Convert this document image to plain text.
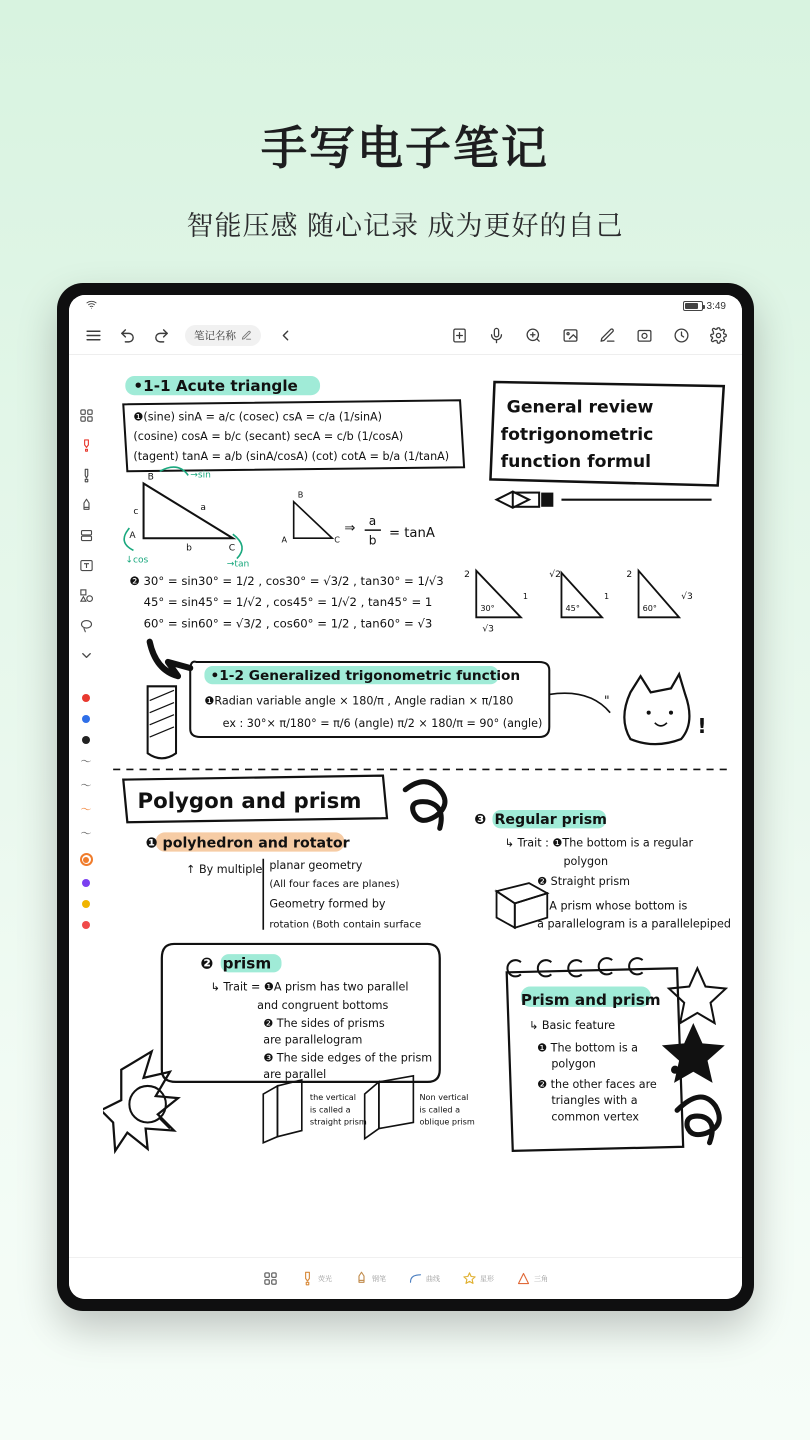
手写电子笔记
智能压感 随心记录 成为更好的自己
3:49
笔记名称
〜
〜
〜
〜
•1-1 Acute triangle
❶(sine) sinA = a/c (cosec) csA = c/a (1/sinA)
(cosine) cosA = b/c (secant) secA = c/b (1/cosA)
(tagent) tanA = a/b (sinA/cosA) (cot) cotA = b/a (1/tanA)
General review
fotrigonometric
function formul
B
A
C
c
b
a
→sin
↓cos	→tan
B
A	C
⇒
a
b = tanA
❷ 30° = sin30° = 1/2 , cos30° = √3/2 , tan30° = 1/√3
45° = sin45° = 1/√2 , cos45° = 1/√2 , tan45° = 1
60° = sin60° = √3/2 , cos60° = 1/2 , tan60° = √3
2
30°
1
√3
√2
45°
1
2
60°
√3
•1-2 Generalized trigonometric function
❶Radian variable angle × 180/π , Angle radian × π/180
ex : 30°× π/180° = π/6 (angle) π/2 × 180/π = 90° (angle)	!
"
Polygon and prism
❶ polyhedron and rotator
↑ By multiple planar geometry
(All four faces are planes)
Geometry formed by
rotation (Both contain surface
❸ Regular prism
↳ Trait : ❶The bottom is a regular
polygon
❷ Straight prism
A prism whose bottom is
a parallelogram is a parallelepiped
❷ prism
↳ Trait = ❶A prism has two parallel
and congruent bottoms
❷ The sides of prisms
are parallelogram
❸ The side edges of the prism
are parallel
the vertical
is called a
straight prism
Non vertical
is called a
oblique prism
Prism and prism
↳ Basic feature
❶ The bottom is a
polygon
❷ the other faces are
triangles with a
common vertex
荧光	钢笔	曲线	星形	三角
